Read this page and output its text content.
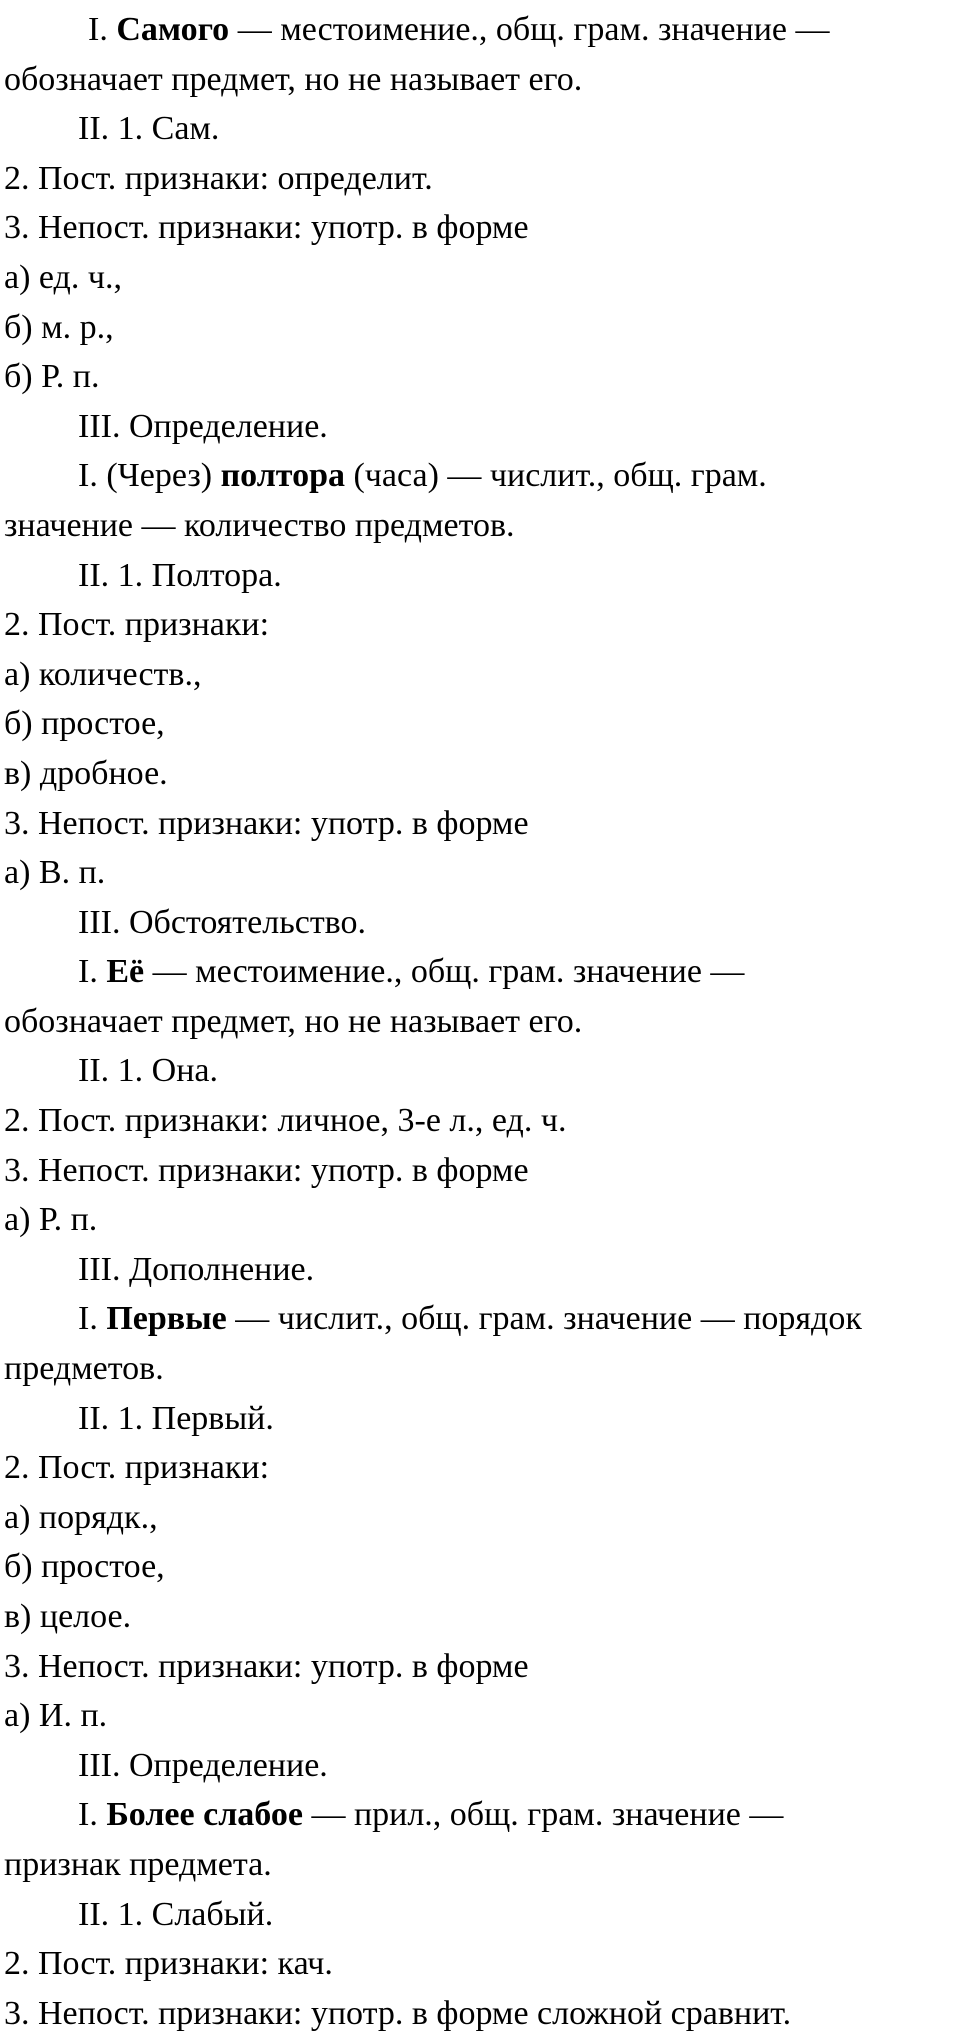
I. Самого — местоимение., общ. грам. значение —
обозначает предмет, но не называет его.
II. 1. Сам.
2. Пост. признаки: определит.
3. Непост. признаки: употр. в форме
а) ед. ч.,
б) м. р.,
б) Р. п.
III. Определение.
I. (Через) полтора (часа) — числит., общ. грам.
значение — количество предметов.
II. 1. Полтора.
2. Пост. признаки:
а) количеств.,
б) простое,
в) дробное.
3. Непост. признаки: употр. в форме
а) В. п.
III. Обстоятельство.
I. Её — местоимение., общ. грам. значение —
обозначает предмет, но не называет его.
II. 1. Она.
2. Пост. признаки: личное, 3-е л., ед. ч.
3. Непост. признаки: употр. в форме
а) Р. п.
III. Дополнение.
I. Первые — числит., общ. грам. значение — порядок
предметов.
II. 1. Первый.
2. Пост. признаки:
а) порядк.,
б) простое,
в) целое.
3. Непост. признаки: употр. в форме
а) И. п.
III. Определение.
I. Более слабое — прил., общ. грам. значение —
признак предмета.
II. 1. Слабый.
2. Пост. признаки: кач.
3. Непост. признаки: употр. в форме сложной сравнит.
